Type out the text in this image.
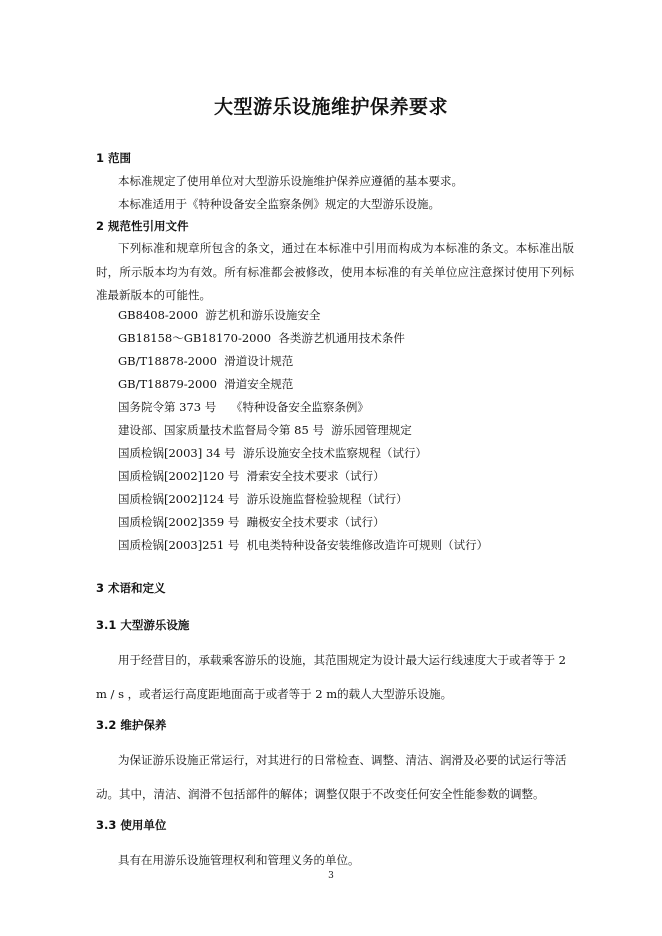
大型游乐设施维护保养要求
1 范围
本标准规定了使用单位对大型游乐设施维护保养应遵循的基本要求。
本标准适用于《特种设备安全监察条例》规定的大型游乐设施。
2 规范性引用文件
下列标准和规章所包含的条文，通过在本标准中引用而构成为本标准的条文。本标准出版时，所示版本均为有效。所有标准都会被修改，使用本标准的有关单位应注意探讨使用下列标准最新版本的可能性。
GB8408-2000  游艺机和游乐设施安全
GB18158～GB18170-2000  各类游艺机通用技术条件
GB/T18878-2000  滑道设计规范
GB/T18879-2000  滑道安全规范
国务院令第 373 号    《特种设备安全监察条例》
建设部、国家质量技术监督局令第 85 号  游乐园管理规定
国质检锅[2003] 34 号  游乐设施安全技术监察规程（试行）
国质检锅[2002]120 号  滑索安全技术要求（试行）
国质检锅[2002]124 号  游乐设施监督检验规程（试行）
国质检锅[2002]359 号  蹦极安全技术要求（试行）
国质检锅[2003]251 号  机电类特种设备安装维修改造许可规则（试行）
3 术语和定义
3.1 大型游乐设施
用于经营目的，承载乘客游乐的设施，其范围规定为设计最大运行线速度大于或者等于 2
m / s ，或者运行高度距地面高于或者等于 2 m的载人大型游乐设施。
3.2 维护保养
为保证游乐设施正常运行，对其进行的日常检查、调整、清洁、润滑及必要的试运行等活
动。其中，清洁、润滑不包括部件的解体；调整仅限于不改变任何安全性能参数的调整。
3.3 使用单位
具有在用游乐设施管理权利和管理义务的单位。
3
